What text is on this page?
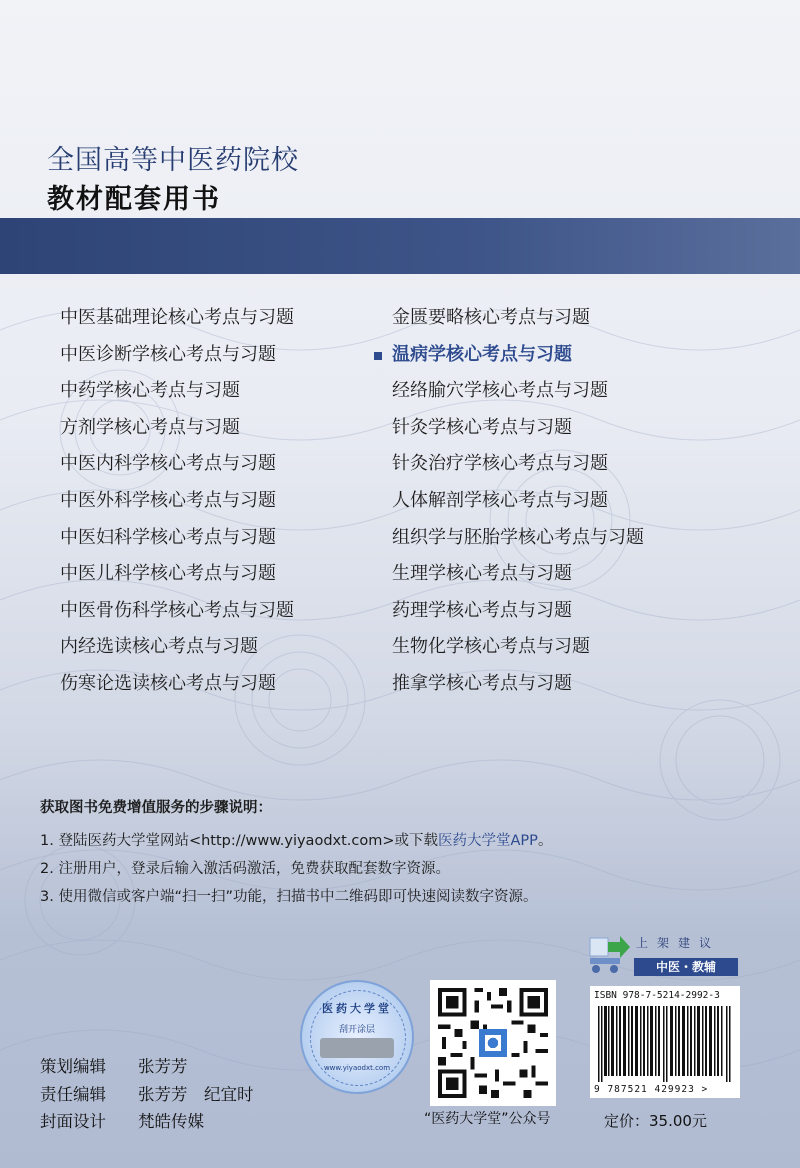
全国高等中医药院校
教材配套用书
中医基础理论核心考点与习题
中医诊断学核心考点与习题
中药学核心考点与习题
方剂学核心考点与习题
中医内科学核心考点与习题
中医外科学核心考点与习题
中医妇科学核心考点与习题
中医儿科学核心考点与习题
中医骨伤科学核心考点与习题
内经选读核心考点与习题
伤寒论选读核心考点与习题
金匮要略核心考点与习题
温病学核心考点与习题
经络腧穴学核心考点与习题
针灸学核心考点与习题
针灸治疗学核心考点与习题
人体解剖学核心考点与习题
组织学与胚胎学核心考点与习题
生理学核心考点与习题
药理学核心考点与习题
生物化学核心考点与习题
推拿学核心考点与习题
获取图书免费增值服务的步骤说明：
1. 登陆医药大学堂网站<http://www.yiyaodxt.com>或下载医药大学堂APP。
2. 注册用户，登录后输入激活码激活，免费获取配套数字资源。
3. 使用微信或客户端“扫一扫”功能，扫描书中二维码即可快速阅读数字资源。
策划编辑 张芳芳
责任编辑 张芳芳　纪宜时
封面设计 梵皓传媒
医药大学堂
刮开涂层
www.yiyaodxt.com
“医药大学堂”公众号
上架建议
中医・教辅
ISBN 978-7-5214-2992-3
9 787521 429923 >
定价：35.00元
